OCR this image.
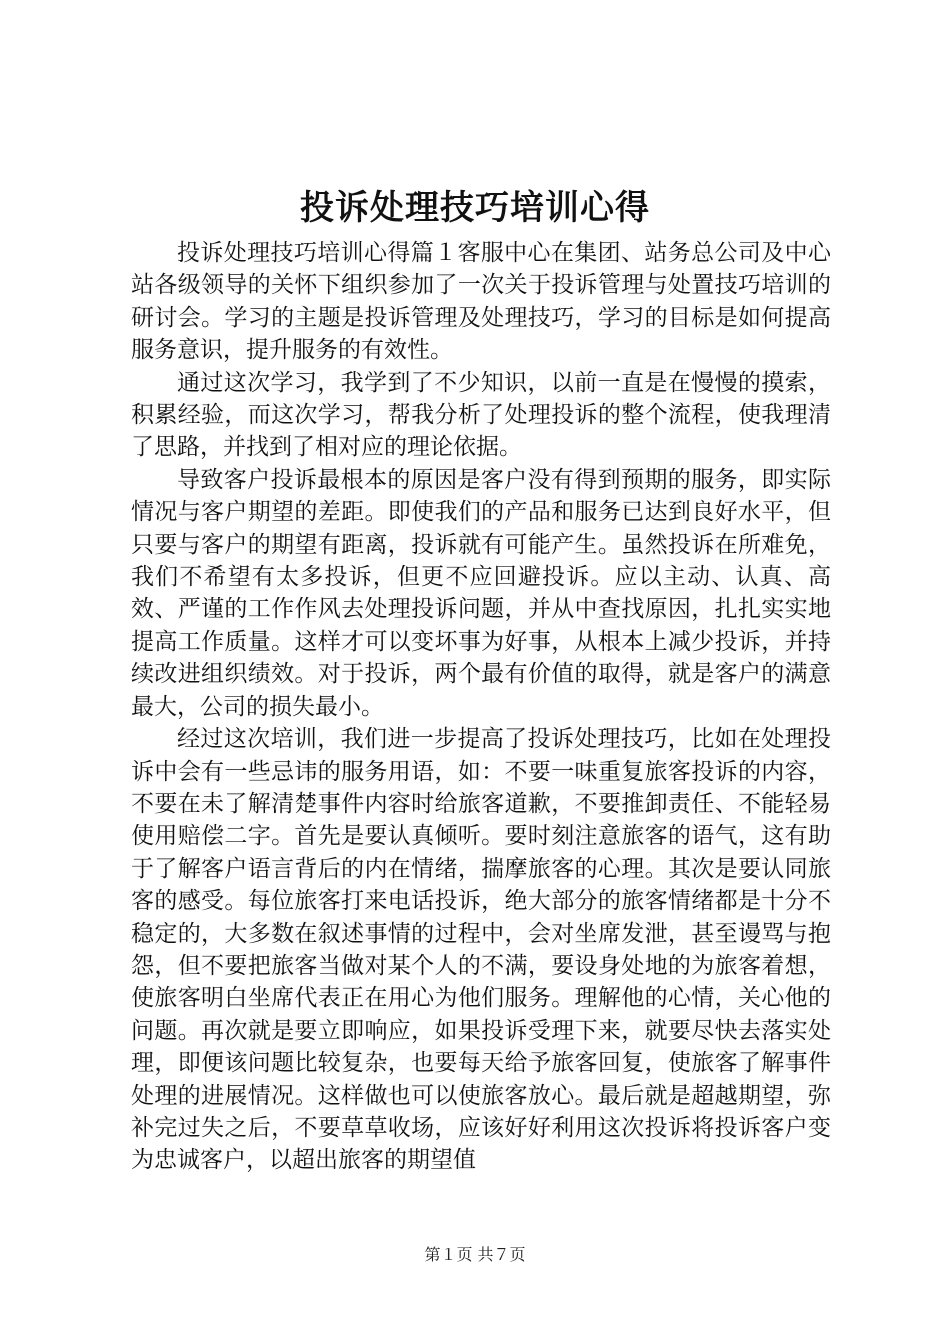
投诉处理技巧培训心得

投诉处理技巧培训心得篇１客服中心在集团、站务总公司及中心站各级领导的关怀下组织参加了一次关于投诉管理与处置技巧培训的研讨会。学习的主题是投诉管理及处理技巧，学习的目标是如何提高服务意识，提升服务的有效性。

通过这次学习，我学到了不少知识，以前一直是在慢慢的摸索，积累经验，而这次学习，帮我分析了处理投诉的整个流程，使我理清了思路，并找到了相对应的理论依据。

导致客户投诉最根本的原因是客户没有得到预期的服务，即实际情况与客户期望的差距。即使我们的产品和服务已达到良好水平，但只要与客户的期望有距离，投诉就有可能产生。虽然投诉在所难免，我们不希望有太多投诉，但更不应回避投诉。应以主动、认真、高效、严谨的工作作风去处理投诉问题，并从中查找原因，扎扎实实地提高工作质量。这样才可以变坏事为好事，从根本上减少投诉，并持续改进组织绩效。对于投诉，两个最有价值的取得，就是客户的满意最大，公司的损失最小。

经过这次培训，我们进一步提高了投诉处理技巧，比如在处理投诉中会有一些忌讳的服务用语，如：不要一味重复旅客投诉的内容，不要在未了解清楚事件内容时给旅客道歉，不要推卸责任、不能轻易使用赔偿二字。首先是要认真倾听。要时刻注意旅客的语气，这有助于了解客户语言背后的内在情绪，揣摩旅客的心理。其次是要认同旅客的感受。每位旅客打来电话投诉，绝大部分的旅客情绪都是十分不稳定的，大多数在叙述事情的过程中，会对坐席发泄，甚至谩骂与抱怨，但不要把旅客当做对某个人的不满，要设身处地的为旅客着想，使旅客明白坐席代表正在用心为他们服务。理解他的心情，关心他的问题。再次就是要立即响应，如果投诉受理下来，就要尽快去落实处理，即便该问题比较复杂，也要每天给予旅客回复，使旅客了解事件处理的进展情况。这样做也可以使旅客放心。最后就是超越期望，弥补完过失之后，不要草草收场，应该好好利用这次投诉将投诉客户变为忠诚客户，以超出旅客的期望值

第１页 共７页
